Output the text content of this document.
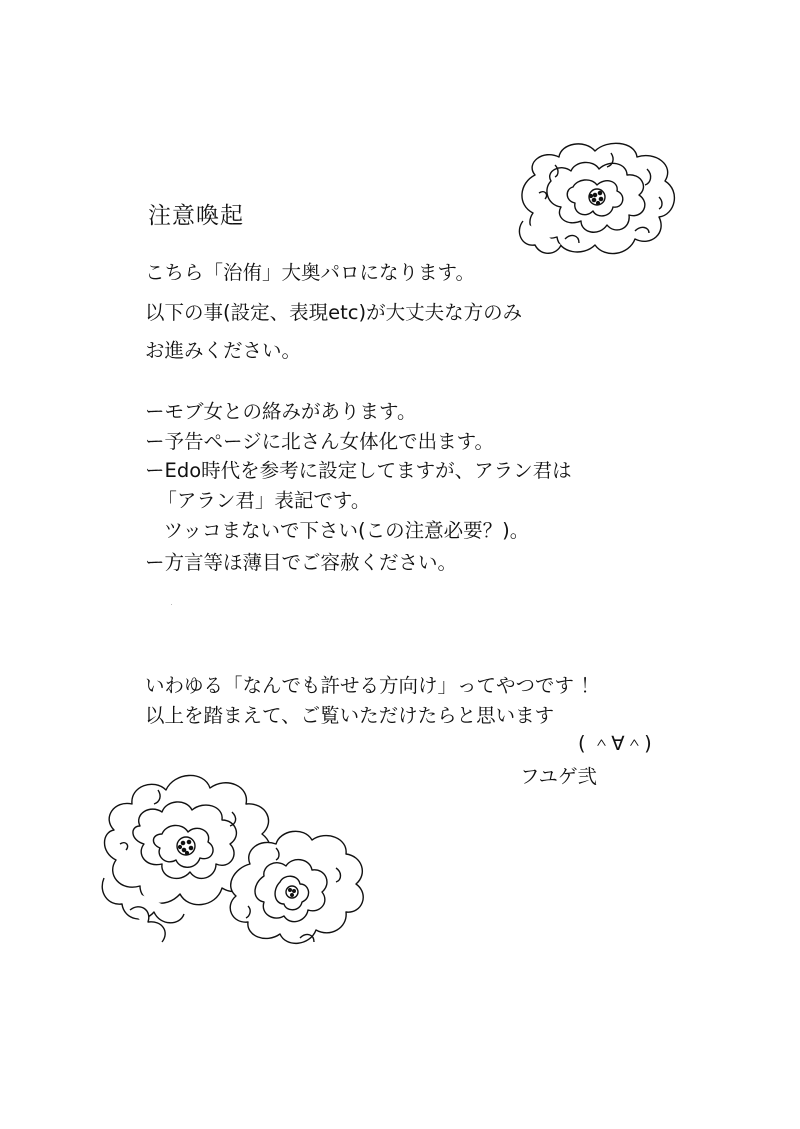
注意喚起
こちら「治侑」大奥パロになります。
以下の事(設定、表現etc)が大丈夫な方のみ
お進みください。
ーモブ女との絡みがあります。
ー予告ページに北さん女体化で出ます。
ーEdo時代を参考に設定してますが、アラン君は
「アラン君」表記です。
ツッコまないで下さい(この注意必要？)。
ー方言等ほ薄目でご容赦ください。
いわゆる「なんでも許せる方向け」ってやつです ！
以上を踏まえて、ご覧いただけたらと思います
( ＾∀＾)
フユゲ弐
